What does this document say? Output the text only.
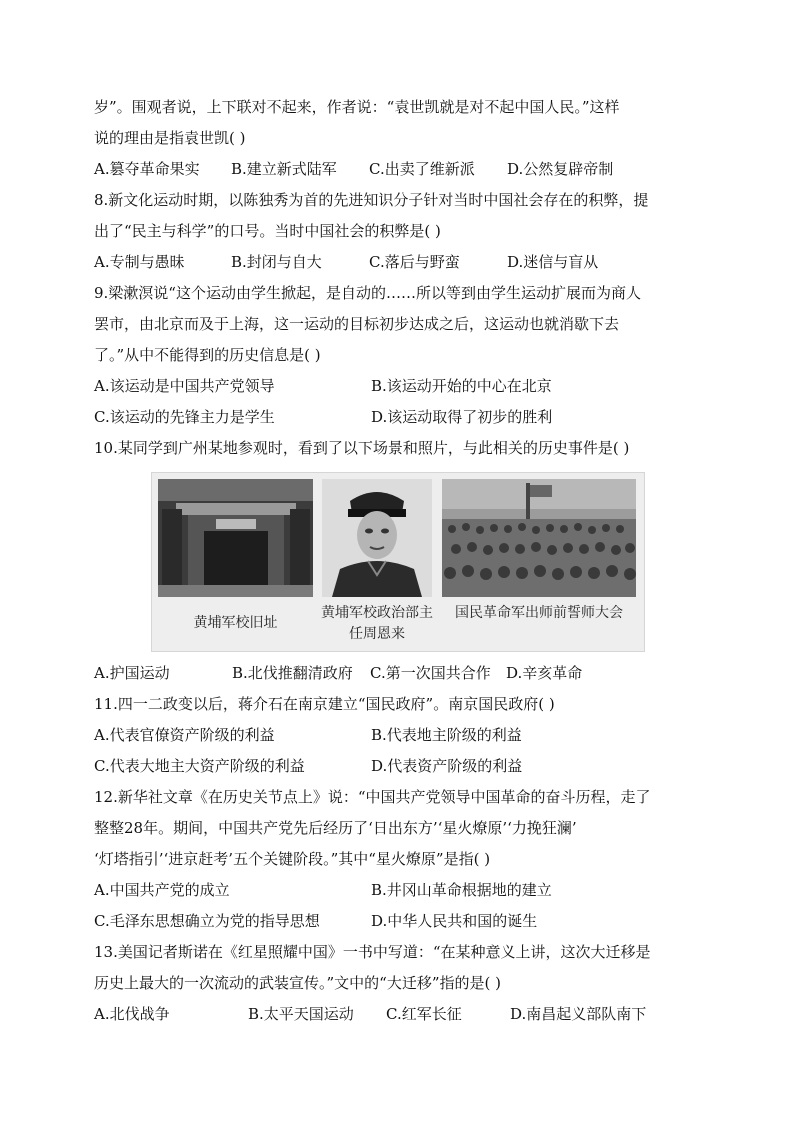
岁”。围观者说，上下联对不起来，作者说：“袁世凯就是对不起中国人民。”这样
说的理由是指袁世凯( )
A.篡夺革命果实	B.建立新式陆军	C.出卖了维新派	D.公然复辟帝制
8.新文化运动时期，以陈独秀为首的先进知识分子针对当时中国社会存在的积弊，提
出了“民主与科学”的口号。当时中国社会的积弊是( )
A.专制与愚昧	B.封闭与自大	C.落后与野蛮	D.迷信与盲从
9.梁漱溟说“这个运动由学生掀起，是自动的……所以等到由学生运动扩展而为商人
罢市，由北京而及于上海，这一运动的目标初步达成之后，这运动也就消歇下去
了。”从中不能得到的历史信息是( )
A.该运动是中国共产党领导	B.该运动开始的中心在北京
C.该运动的先锋主力是学生	D.该运动取得了初步的胜利
10.某同学到广州某地参观时，看到了以下场景和照片，与此相关的历史事件是( )
黄埔军校旧址
黄埔军校政治部主任周恩来
国民革命军出师前誓师大会
A.护国运动	B.北伐推翻清政府	C.第一次国共合作	D.辛亥革命
11.四一二政变以后，蒋介石在南京建立“国民政府”。南京国民政府( )
A.代表官僚资产阶级的利益	B.代表地主阶级的利益
C.代表大地主大资产阶级的利益	D.代表资产阶级的利益
12.新华社文章《在历史关节点上》说：“中国共产党领导中国革命的奋斗历程，走了
整整28年。期间，中国共产党先后经历了‘日出东方’‘星火燎原’‘力挽狂澜’
‘灯塔指引’‘进京赶考’五个关键阶段。”其中“星火燎原”是指( )
A.中国共产党的成立	B.井冈山革命根据地的建立
C.毛泽东思想确立为党的指导思想	D.中华人民共和国的诞生
13.美国记者斯诺在《红星照耀中国》一书中写道：“在某种意义上讲，这次大迁移是
历史上最大的一次流动的武装宣传。”文中的“大迁移”指的是( )
A.北伐战争	B.太平天国运动	C.红军长征	D.南昌起义部队南下
